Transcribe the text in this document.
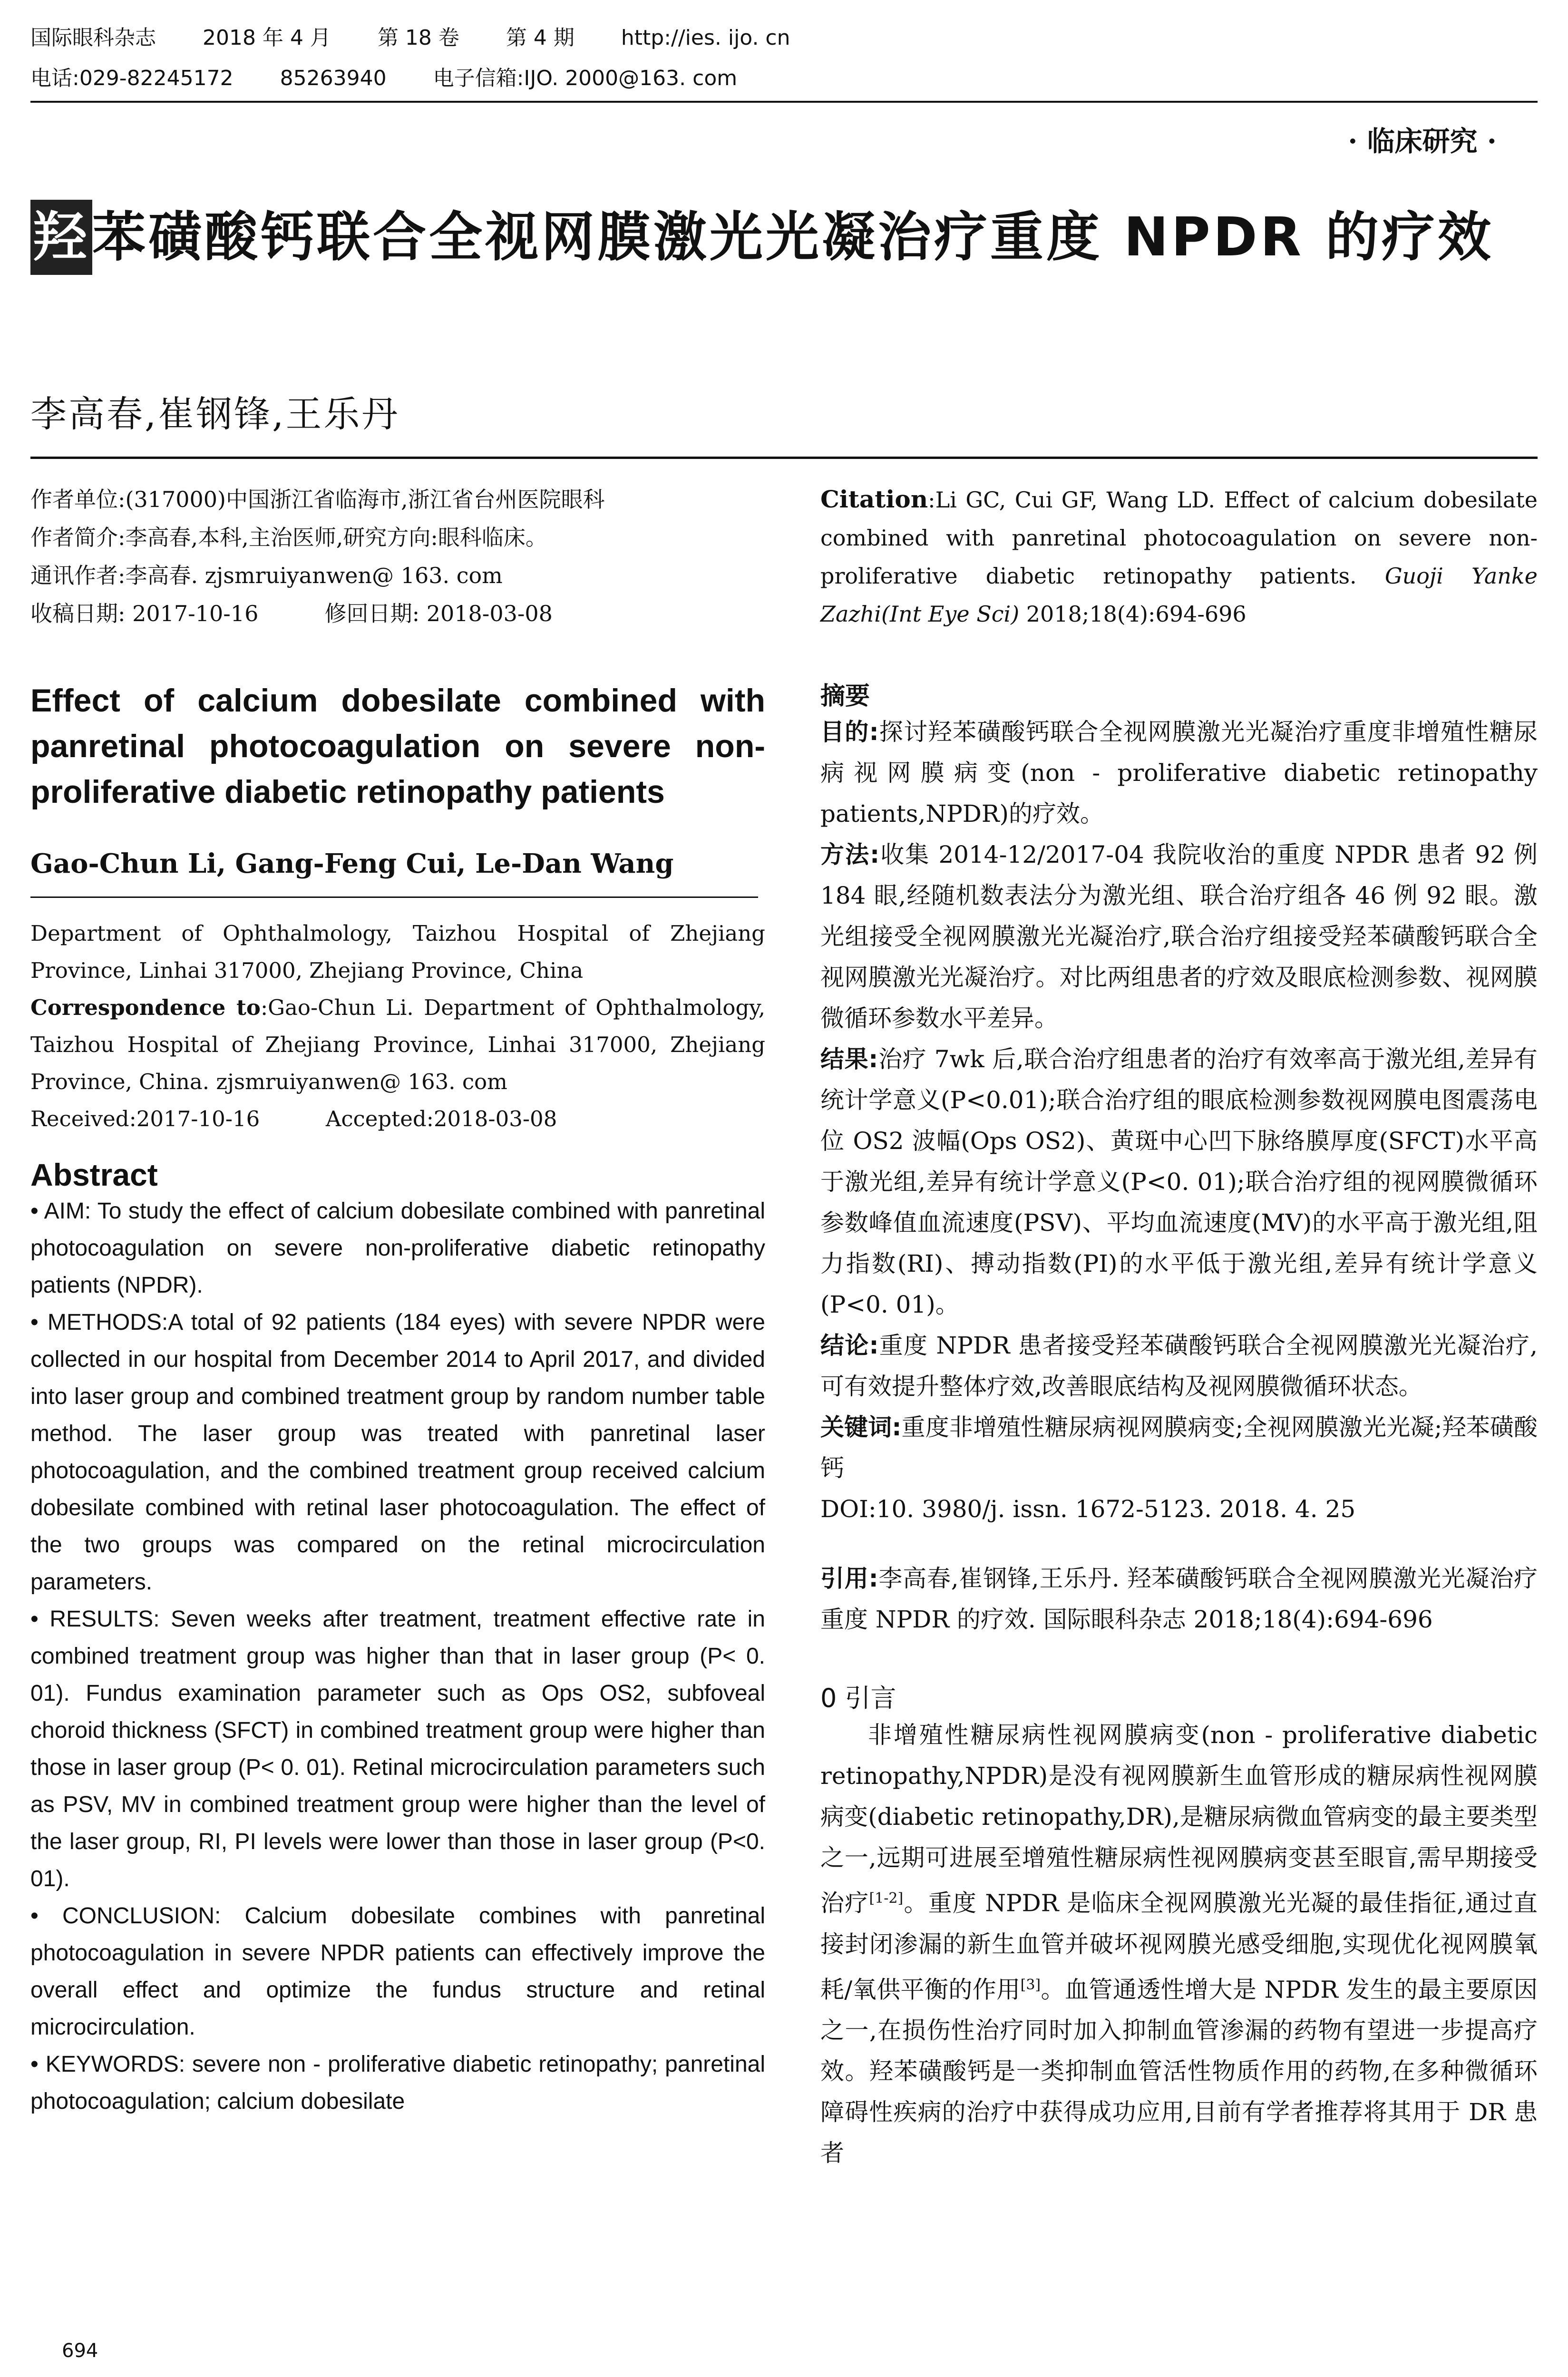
国际眼科杂志 2018 年 4 月 第 18 卷 第 4 期 http://ies. ijo. cn
电话:029-82245172 85263940 电子信箱:IJO. 2000@163. com
· 临床研究 ·
羟苯磺酸钙联合全视网膜激光光凝治疗重度 NPDR 的疗效
李高春,崔钢锋,王乐丹
作者单位:(317000)中国浙江省临海市,浙江省台州医院眼科
作者简介:李高春,本科,主治医师,研究方向:眼科临床。
通讯作者:李高春. zjsmruiyanwen@ 163. com
收稿日期: 2017-10-16	修回日期: 2018-03-08
Effect of calcium dobesilate combined with panretinal photocoagulation on severe non-proliferative diabetic retinopathy patients
Gao-Chun Li, Gang-Feng Cui, Le-Dan Wang
Department of Ophthalmology, Taizhou Hospital of Zhejiang Province, Linhai 317000, Zhejiang Province, China
Correspondence to:Gao-Chun Li. Department of Ophthalmology, Taizhou Hospital of Zhejiang Province, Linhai 317000, Zhejiang Province, China. zjsmruiyanwen@ 163. com
Received:2017-10-16	Accepted:2018-03-08
Abstract
• AIM: To study the effect of calcium dobesilate combined with panretinal photocoagulation on severe non-proliferative diabetic retinopathy patients (NPDR).
• METHODS:A total of 92 patients (184 eyes) with severe NPDR were collected in our hospital from December 2014 to April 2017, and divided into laser group and combined treatment group by random number table method. The laser group was treated with panretinal laser photocoagulation, and the combined treatment group received calcium dobesilate combined with retinal laser photocoagulation. The effect of the two groups was compared on the retinal microcirculation parameters.
• RESULTS: Seven weeks after treatment, treatment effective rate in combined treatment group was higher than that in laser group (P< 0. 01). Fundus examination parameter such as Ops OS2, subfoveal choroid thickness (SFCT) in combined treatment group were higher than those in laser group (P< 0. 01). Retinal microcirculation parameters such as PSV, MV in combined treatment group were higher than the level of the laser group, RI, PI levels were lower than those in laser group (P<0. 01).
• CONCLUSION: Calcium dobesilate combines with panretinal photocoagulation in severe NPDR patients can effectively improve the overall effect and optimize the fundus structure and retinal microcirculation.
• KEYWORDS: severe non - proliferative diabetic retinopathy; panretinal photocoagulation; calcium dobesilate
Citation:Li GC, Cui GF, Wang LD. Effect of calcium dobesilate combined with panretinal photocoagulation on severe non-proliferative diabetic retinopathy patients. Guoji Yanke Zazhi(Int Eye Sci) 2018;18(4):694-696
摘要
目的:探讨羟苯磺酸钙联合全视网膜激光光凝治疗重度非增殖性糖尿病视网膜病变(non - proliferative diabetic retinopathy patients,NPDR)的疗效。
方法:收集 2014-12/2017-04 我院收治的重度 NPDR 患者 92 例 184 眼,经随机数表法分为激光组、联合治疗组各 46 例 92 眼。激光组接受全视网膜激光光凝治疗,联合治疗组接受羟苯磺酸钙联合全视网膜激光光凝治疗。对比两组患者的疗效及眼底检测参数、视网膜微循环参数水平差异。
结果:治疗 7wk 后,联合治疗组患者的治疗有效率高于激光组,差异有统计学意义(P<0.01);联合治疗组的眼底检测参数视网膜电图震荡电位 OS2 波幅(Ops OS2)、黄斑中心凹下脉络膜厚度(SFCT)水平高于激光组,差异有统计学意义(P<0. 01);联合治疗组的视网膜微循环参数峰值血流速度(PSV)、平均血流速度(MV)的水平高于激光组,阻力指数(RI)、搏动指数(PI)的水平低于激光组,差异有统计学意义(P<0. 01)。
结论:重度 NPDR 患者接受羟苯磺酸钙联合全视网膜激光光凝治疗,可有效提升整体疗效,改善眼底结构及视网膜微循环状态。
关键词:重度非增殖性糖尿病视网膜病变;全视网膜激光光凝;羟苯磺酸钙
DOI:10. 3980/j. issn. 1672-5123. 2018. 4. 25
引用:李高春,崔钢锋,王乐丹. 羟苯磺酸钙联合全视网膜激光光凝治疗重度 NPDR 的疗效. 国际眼科杂志 2018;18(4):694-696
0 引言
非增殖性糖尿病性视网膜病变(non - proliferative diabetic retinopathy,NPDR)是没有视网膜新生血管形成的糖尿病性视网膜病变(diabetic retinopathy,DR),是糖尿病微血管病变的最主要类型之一,远期可进展至增殖性糖尿病性视网膜病变甚至眼盲,需早期接受治疗[1-2]。重度 NPDR 是临床全视网膜激光光凝的最佳指征,通过直接封闭渗漏的新生血管并破坏视网膜光感受细胞,实现优化视网膜氧耗/氧供平衡的作用[3]。血管通透性增大是 NPDR 发生的最主要原因之一,在损伤性治疗同时加入抑制血管渗漏的药物有望进一步提高疗效。羟苯磺酸钙是一类抑制血管活性物质作用的药物,在多种微循环障碍性疾病的治疗中获得成功应用,目前有学者推荐将其用于 DR 患者
694
